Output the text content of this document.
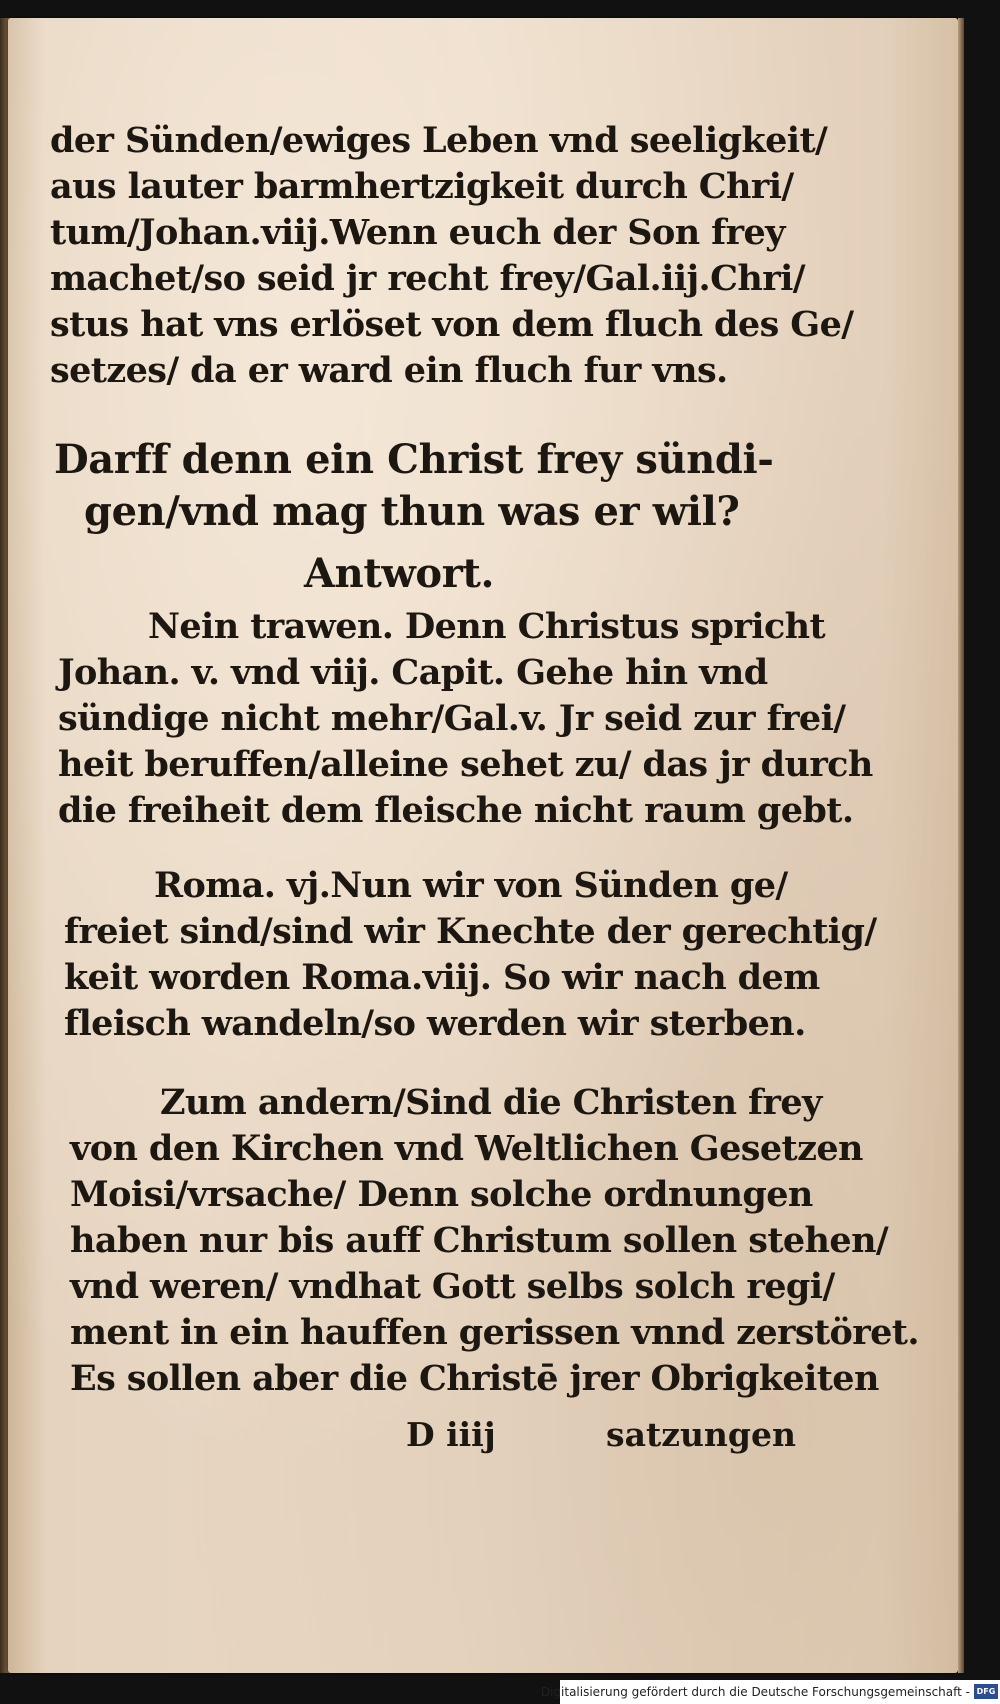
der Sünden/ewiges Leben vnd seeligkeit/
aus lauter barmhertzigkeit durch Chri/
tum/Johan.viij.Wenn euch der Son frey
machet/so seid jr recht frey/Gal.iij.Chri/
stus hat vns erlöset von dem fluch des Ge/
setzes/ da er ward ein fluch fur vns.
Darff denn ein Christ frey sündi-
gen/vnd mag thun was er wil?
Antwort.
Nein trawen. Denn Christus spricht
Johan. v. vnd viij. Capit. Gehe hin vnd
sündige nicht mehr/Gal.v. Jr seid zur frei/
heit beruffen/alleine sehet zu/ das jr durch
die freiheit dem fleische nicht raum gebt.
Roma. vj.Nun wir von Sünden ge/
freiet sind/sind wir Knechte der gerechtig/
keit worden Roma.viij. So wir nach dem
fleisch wandeln/so werden wir sterben.
Zum andern/Sind die Christen frey
von den Kirchen vnd Weltlichen Gesetzen
Moisi/vrsache/ Denn solche ordnungen
haben nur bis auff Christum sollen stehen/
vnd weren/ vndhat Gott selbs solch regi/
ment in ein hauffen gerissen vnnd zerstöret.
Es sollen aber die Christē jrer Obrigkeiten
D iiij	satzungen
Digitalisierung gefördert durch die Deutsche Forschungsgemeinschaft - DFG
